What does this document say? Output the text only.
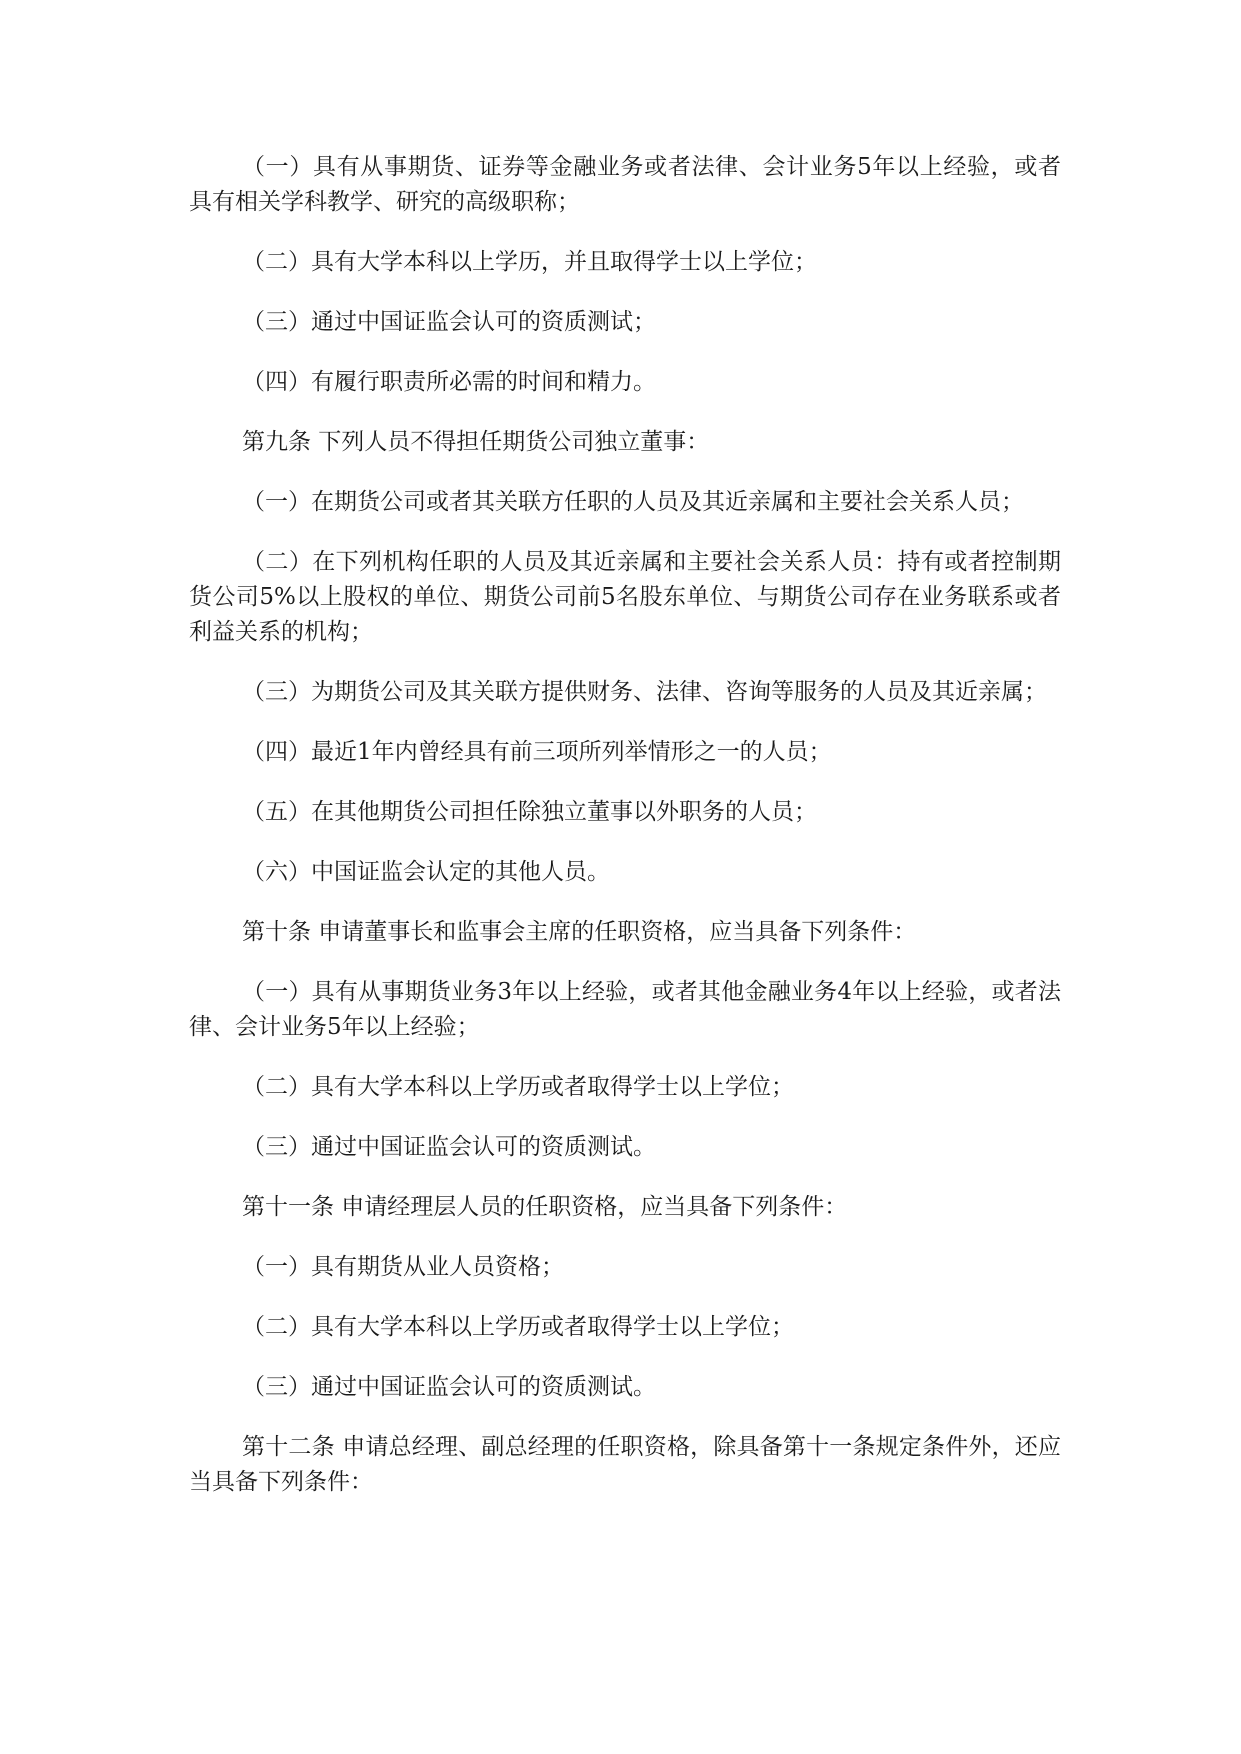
（一）具有从事期货、证券等金融业务或者法律、会计业务5年以上经验，或者具有相关学科教学、研究的高级职称；

（二）具有大学本科以上学历，并且取得学士以上学位；

（三）通过中国证监会认可的资质测试；

（四）有履行职责所必需的时间和精力。

第九条 下列人员不得担任期货公司独立董事：

（一）在期货公司或者其关联方任职的人员及其近亲属和主要社会关系人员；

（二）在下列机构任职的人员及其近亲属和主要社会关系人员：持有或者控制期货公司5%以上股权的单位、期货公司前5名股东单位、与期货公司存在业务联系或者利益关系的机构；

（三）为期货公司及其关联方提供财务、法律、咨询等服务的人员及其近亲属；

（四）最近1年内曾经具有前三项所列举情形之一的人员；

（五）在其他期货公司担任除独立董事以外职务的人员；

（六）中国证监会认定的其他人员。

第十条 申请董事长和监事会主席的任职资格，应当具备下列条件：

（一）具有从事期货业务3年以上经验，或者其他金融业务4年以上经验，或者法律、会计业务5年以上经验；

（二）具有大学本科以上学历或者取得学士以上学位；

（三）通过中国证监会认可的资质测试。

第十一条 申请经理层人员的任职资格，应当具备下列条件：

（一）具有期货从业人员资格；

（二）具有大学本科以上学历或者取得学士以上学位；

（三）通过中国证监会认可的资质测试。

第十二条 申请总经理、副总经理的任职资格，除具备第十一条规定条件外，还应当具备下列条件：
